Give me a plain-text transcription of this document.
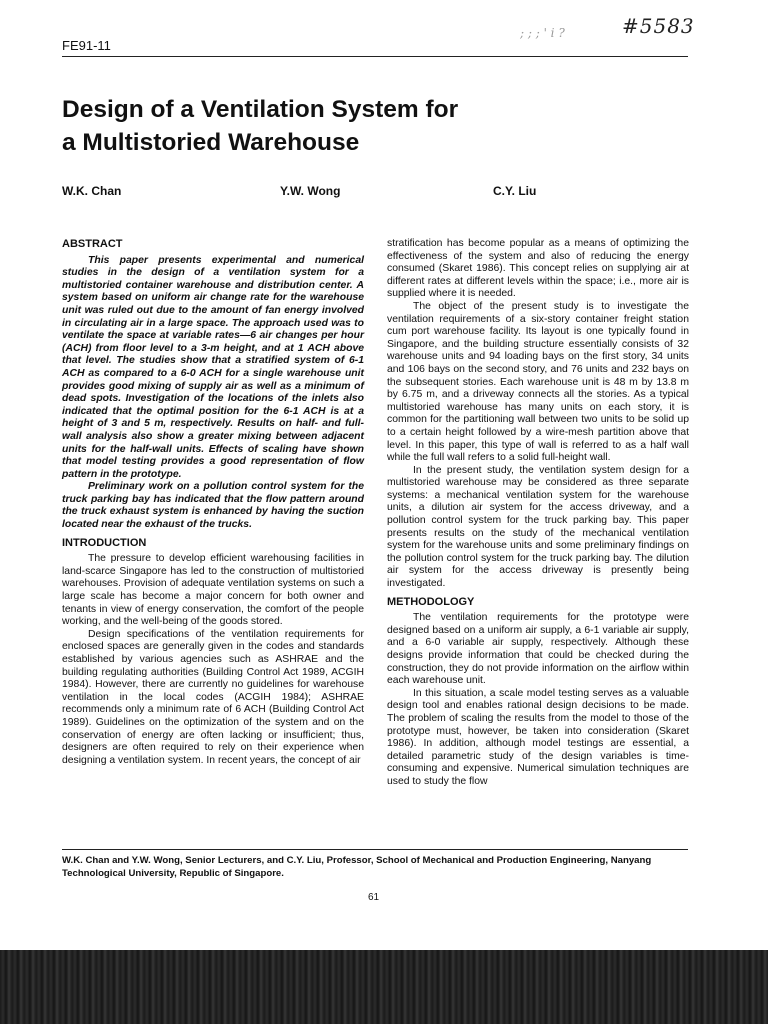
FE91-11
; ; ; ' i ?	#5583
Design of a Ventilation System for
a Multistoried Warehouse
W.K. Chan	Y.W. Wong	C.Y. Liu
ABSTRACT

This paper presents experimental and numerical studies in the design of a ventilation system for a multistoried container warehouse and distribution center. A system based on uniform air change rate for the warehouse unit was ruled out due to the amount of fan energy involved in circulating air in a large space. The approach used was to ventilate the space at variable rates—6 air changes per hour (ACH) from floor level to a 3-m height, and at 1 ACH above that level. The studies show that a stratified system of 6-1 ACH as compared to a 6-0 ACH for a single warehouse unit provides good mixing of supply air as well as a minimum of dead spots. Investigation of the locations of the inlets also indicated that the optimal position for the 6-1 ACH is at a height of 3 and 5 m, respectively. Results on half- and full-wall analysis also show a greater mixing between adjacent units for the half-wall units. Effects of scaling have shown that model testing provides a good representation of flow pattern in the prototype.

Preliminary work on a pollution control system for the truck parking bay has indicated that the flow pattern around the truck exhaust system is enhanced by having the suction located near the exhaust of the trucks.

INTRODUCTION

The pressure to develop efficient warehousing facilities in land-scarce Singapore has led to the construction of multistoried warehouses. Provision of adequate ventilation systems on such a large scale has become a major concern for both owner and tenants in view of energy conservation, the comfort of the people working, and the well-being of the goods stored.

Design specifications of the ventilation requirements for enclosed spaces are generally given in the codes and standards established by various agencies such as ASHRAE and the building regulating authorities (Building Control Act 1989, ACGIH 1984). However, there are currently no guidelines for warehouse ventilation in the local codes (ACGIH 1984); ASHRAE recommends only a minimum rate of 6 ACH (Building Control Act 1989). Guidelines on the optimization of the system and on the conservation of energy are often lacking or insufficient; thus, designers are often required to rely on their experience when designing a ventilation system. In recent years, the concept of air

stratification has become popular as a means of optimizing the effectiveness of the system and also of reducing the energy consumed (Skaret 1986). This concept relies on supplying air at different rates at different levels within the space; i.e., more air is supplied where it is needed.

The object of the present study is to investigate the ventilation requirements of a six-story container freight station cum port warehouse facility. Its layout is one typically found in Singapore, and the building structure essentially consists of 32 warehouse units and 94 loading bays on the first story, 34 units and 106 bays on the second story, and 76 units and 232 bays on the subsequent stories. Each warehouse unit is 48 m by 13.8 m by 6.75 m, and a driveway connects all the stories. As a typical multistoried warehouse has many units on each story, it is common for the partitioning wall between two units to be solid up to a certain height followed by a wire-mesh partition above that level. In this paper, this type of wall is referred to as a half wall while the full wall refers to a solid full-height wall.

In the present study, the ventilation system design for a multistoried warehouse may be considered as three separate systems: a mechanical ventilation system for the warehouse units, a dilution air system for the access driveway, and a pollution control system for the truck parking bay. This paper presents results on the study of the mechanical ventilation system for the warehouse units and some preliminary findings on the pollution control system for the truck parking bay. The dilution air system for the access driveway is presently being investigated.

METHODOLOGY

The ventilation requirements for the prototype were designed based on a uniform air supply, a 6-1 variable air supply, and a 6-0 variable air supply, respectively. Although these designs provide information that could be checked during the construction, they do not provide information on the airflow within each warehouse unit.

In this situation, a scale model testing serves as a valuable design tool and enables rational design decisions to be made. The problem of scaling the results from the model to those of the prototype must, however, be taken into consideration (Skaret 1986). In addition, although model testings are essential, a detailed parametric study of the design variables is time-consuming and expensive. Numerical simulation techniques are used to study the flow

W.K. Chan and Y.W. Wong, Senior Lecturers, and C.Y. Liu, Professor, School of Mechanical and Production Engineering, Nanyang Technological University, Republic of Singapore.
61
